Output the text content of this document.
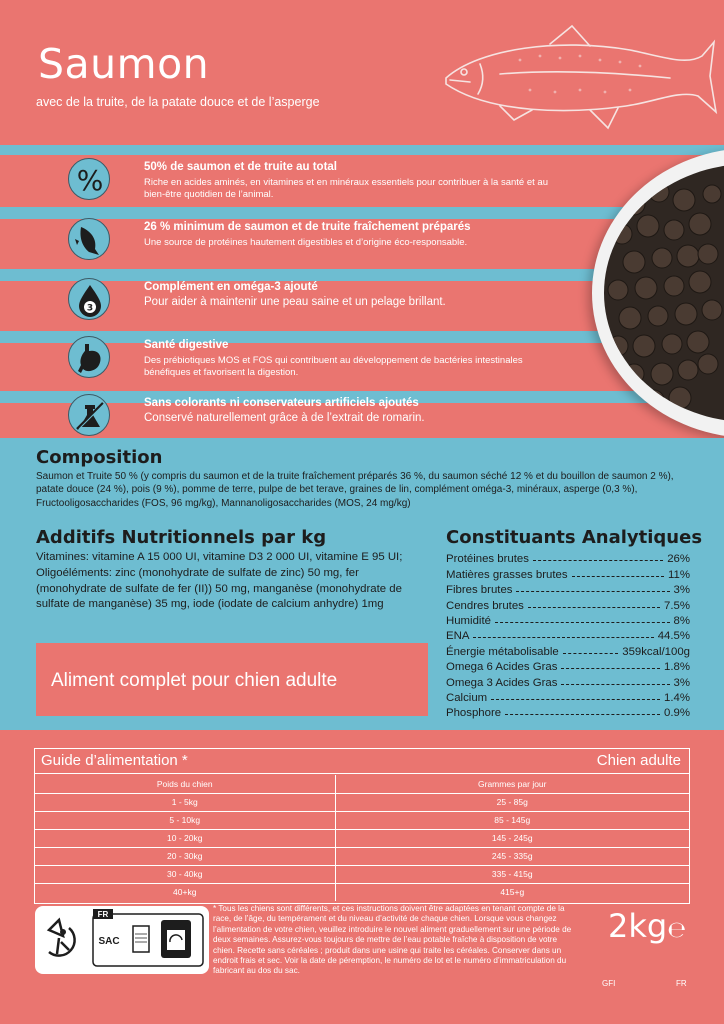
Saumon
avec de la truite, de la patate douce et de l’asperge
%	50% de saumon et de truite au total
Riche en acides aminés, en vitamines et en minéraux essentiels pour contribuer à la santé et au bien-être quotidien de l’animal.
26 % minimum de saumon et de truite fraîchement préparés
Une source de protéines hautement digestibles et d’origine éco-responsable.
3
Complément en oméga-3 ajouté
Pour aider à maintenir une peau saine et un pelage brillant.
Santé digestive
Des prébiotiques MOS et FOS qui contribuent au développement de bactéries intestinales bénéfiques et favorisent la digestion.
Sans colorants ni conservateurs artificiels ajoutés
Conservé naturellement grâce à de l’extrait de romarin.
Composition
Saumon et Truite 50 % (y compris du saumon et de la truite fraîchement préparés 36 %, du saumon séché 12 % et du bouillon de saumon 2 %), patate douce (24 %), pois (9 %), pomme de terre, pulpe de bet terave, graines de lin, complément oméga-3, minéraux, asperge (0,3 %), Fructooligosaccharides (FOS, 96 mg/kg), Mannanoligosaccharides (MOS, 24 mg/kg)
Additifs Nutritionnels par kg
Vitamines: vitamine A 15 000 UI, vitamine D3 2 000 UI, vitamine E 95 UI; Oligoéléments: zinc (monohydrate de sulfate de zinc) 50 mg, fer (monohydrate de sulfate de fer (II)) 50 mg, manganèse (monohydrate de sulfate de manganèse) 35 mg, iode (iodate de calcium anhydre) 1mg
Aliment complet pour chien adulte
Constituants Analytiques
Protéines brutes	26%
Matières grasses brutes	11%
Fibres brutes	3%
Cendres brutes	7.5%
Humidité	8%
ENA	44.5%
Énergie métabolisable	359kcal/100g
Omega 6 Acides Gras	1.8%
Omega 3 Acides Gras	3%
Calcium	1.4%
Phosphore	0.9%
Guide d’alimentation *	Chien adulte
Poids du chien	Grammes par jour
1 - 5kg	25 - 85g
5 - 10kg	85 - 145g
10 - 20kg	145 - 245g
20 - 30kg	245 - 335g
30 - 40kg	335 - 415g
40+kg	415+g
FR
SAC
* Tous les chiens sont différents, et ces instructions doivent être adaptées en tenant compte de la race, de l’âge, du tempérament et du niveau d’activité de chaque chien. Lorsque vous changez l’alimentation de votre chien, veuillez introduire le nouvel aliment graduellement sur une période de deux semaines. Assurez-vous toujours de mettre de l’eau potable fraîche à disposition de votre chien. Recette sans céréales ; produit dans une usine qui traite les céréales. Conserver dans un endroit frais et sec. Voir la date de péremption, le numéro de lot et le numéro d’immatriculation du fabricant au dos du sac.
2kg℮
GFI	FR
